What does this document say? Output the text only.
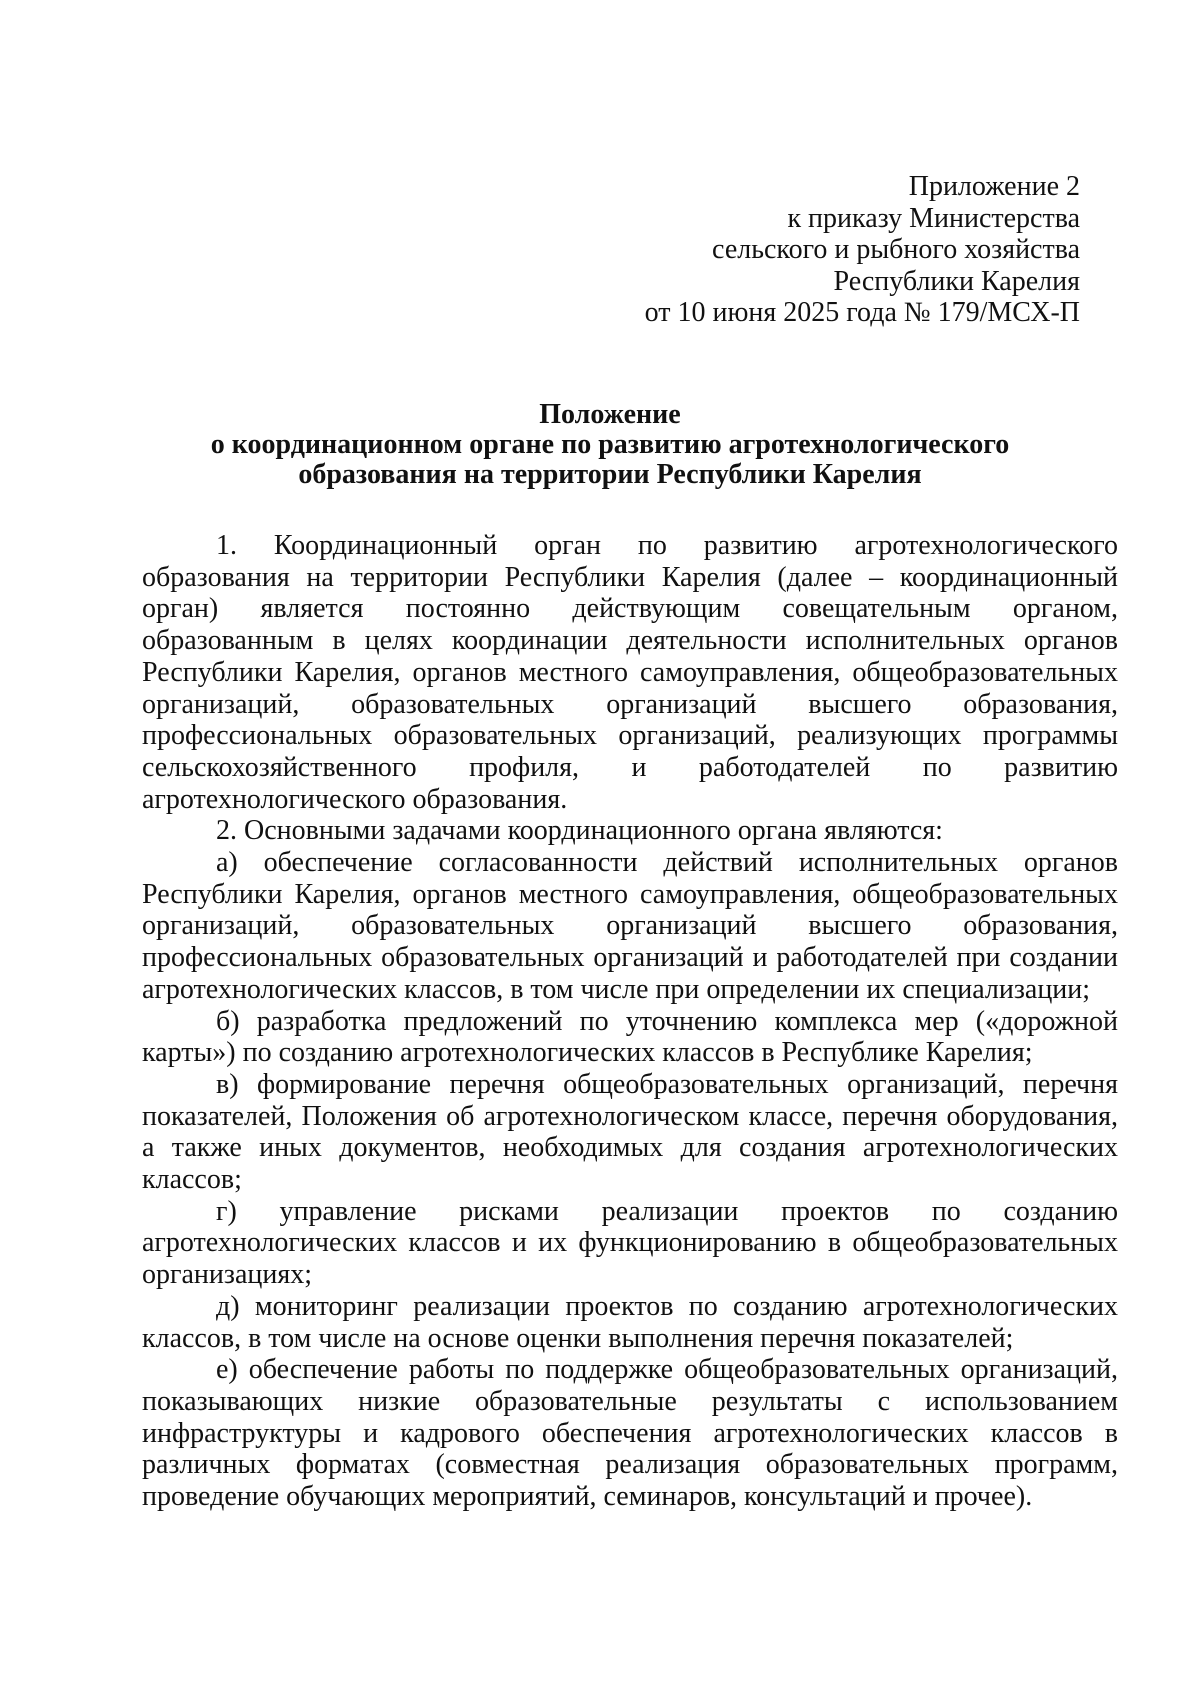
Приложение 2
к приказу Министерства
сельского и рыбного хозяйства
Республики Карелия
от 10 июня 2025 года № 179/МСХ-П
Положение
о координационном органе по развитию агротехнологического
образования на территории Республики Карелия

1. Координационный орган по развитию агротехнологического образования на территории Республики Карелия (далее – координационный орган) является постоянно действующим совещательным органом, образованным в целях координации деятельности исполнительных органов Республики Карелия, органов местного самоуправления, общеобразовательных организаций, образовательных организаций высшего образования, профессиональных образовательных организаций, реализующих программы сельскохозяйственного профиля, и работодателей по развитию агротехнологического образования.

2. Основными задачами координационного органа являются:

а) обеспечение согласованности действий исполнительных органов Республики Карелия, органов местного самоуправления, общеобразовательных организаций, образовательных организаций высшего образования, профессиональных образовательных организаций и работодателей при создании агротехнологических классов, в том числе при определении их специализации;

б) разработка предложений по уточнению комплекса мер («дорожной карты») по созданию агротехнологических классов в Республике Карелия;

в) формирование перечня общеобразовательных организаций, перечня показателей, Положения об агротехнологическом классе, перечня оборудования, а также иных документов, необходимых для создания агротехнологических классов;

г) управление рисками реализации проектов по созданию агротехнологических классов и их функционированию в общеобразовательных организациях;

д) мониторинг реализации проектов по созданию агротехнологических классов, в том числе на основе оценки выполнения перечня показателей;

е) обеспечение работы по поддержке общеобразовательных организаций, показывающих низкие образовательные результаты с использованием инфраструктуры и кадрового обеспечения агротехнологических классов в различных форматах (совместная реализация образовательных программ, проведение обучающих мероприятий, семинаров, консультаций и прочее).
